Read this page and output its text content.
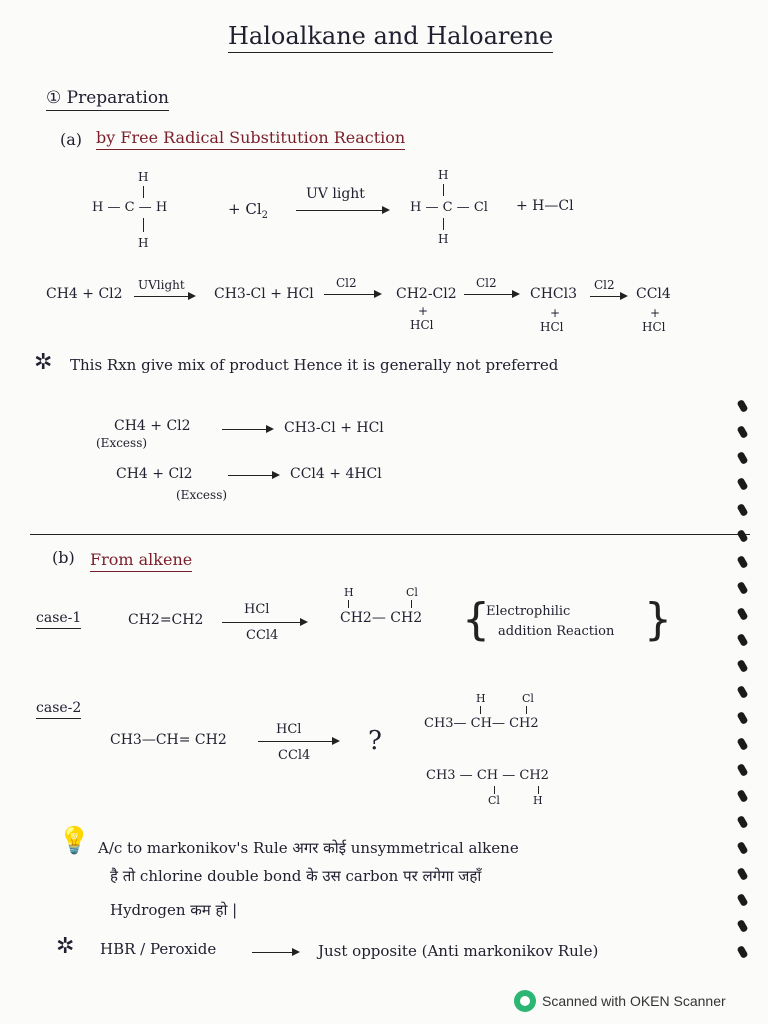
Haloalkane and Haloarene
① Preparation
(a) by Free Radical Substitution Reaction
H
H — C — H
H
+ $Cl_2$
UV light
H
H — C — Cl
H
+ H—Cl
CH4 + Cl2
UVlight
CH3-Cl + HCl
Cl2
CH2-Cl2
+
HCl
Cl2
CHCl3
+
HCl
Cl2
CCl4
+
HCl
✲ This Rxn give mix of product Hence it is generally not preferred
CH4 + Cl2
(Excess)
CH3-Cl + HCl
CH4 + Cl2	CCl4 + 4HCl
(Excess)
(b) From alkene
case-1	CH2=CH2
HCl
CCl4
H	Cl
CH2— CH2 {
Electrophilic
addition Reaction }
case-2
CH3—CH= CH2
HCl
CCl4 ?
H	Cl
CH3— CH— CH2
CH3 — CH — CH2
Cl	H
💡 A/c to markonikov's Rule अगर कोई unsymmetrical alkene
है तो chlorine double bond के उस carbon पर लगेगा जहाँ
Hydrogen कम हो |
✲ HBR / Peroxide	Just opposite (Anti markonikov Rule)
Scanned with OKEN Scanner
